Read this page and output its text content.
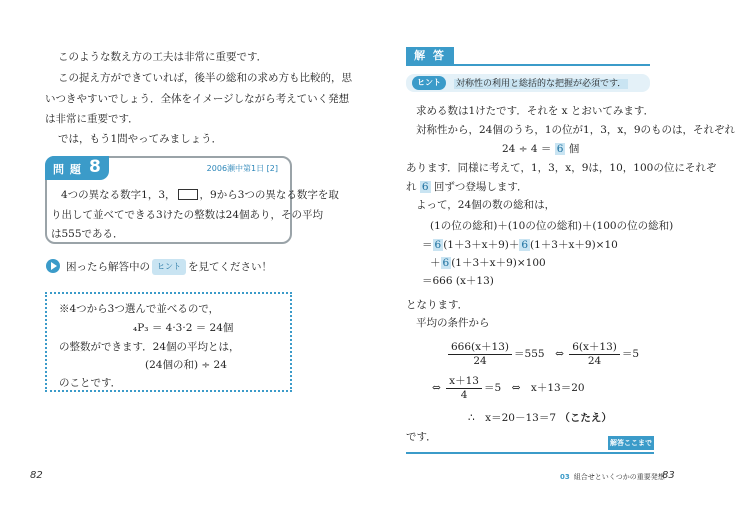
このような数え方の工夫は非常に重要です．
この捉え方ができていれば，後半の総和の求め方も比較的，思
いつきやすいでしょう．全体をイメージしながら考えていく発想
は非常に重要です．
では，もう1問やってみましょう．
問 題 8	2006瀬中第1日 [2]
4つの異なる数字1，3， ，9から3つの異なる数字を取
り出して並べてできる3けたの整数は24個あり，その平均
は555である．
困ったら解答中の ヒント を見てください！
※4つから3つ選んで並べるので，
₄P₃ ＝ 4·3·2 ＝ 24個
の整数ができます．24個の平均とは，
(24個の和) ÷ 24
のことです．
82
解 答
ヒント	対称性の利用と総括的な把握が必須です．
求める数は1けたです．それを x とおいてみます．
対称性から，24個のうち，1の位が1，3，x，9のものは，それぞれ
24 ÷ 4 ＝ 6 個
あります．同様に考えて，1，3，x，9は，10，100の位にそれぞ
れ 6 回ずつ登場します．
よって，24個の数の総和は，
(1の位の総和)＋(10の位の総和)＋(100の位の総和)
＝ 6 (1＋3＋x＋9)＋ 6 (1＋3＋x＋9)×10
＋ 6 (1＋3＋x＋9)×100
＝666 (x＋13)
となります．
平均の条件から
$\frac{666(x+13)}{24} =555$　⇔ $\frac{6(x+13)}{24} =5$
⇔ $\frac{x+13}{4} =5$　⇔　x＋13＝20
∴　x＝20－13＝7 （こたえ）
です．	解答ここまで
03 組合せといくつかの重要発想
83
